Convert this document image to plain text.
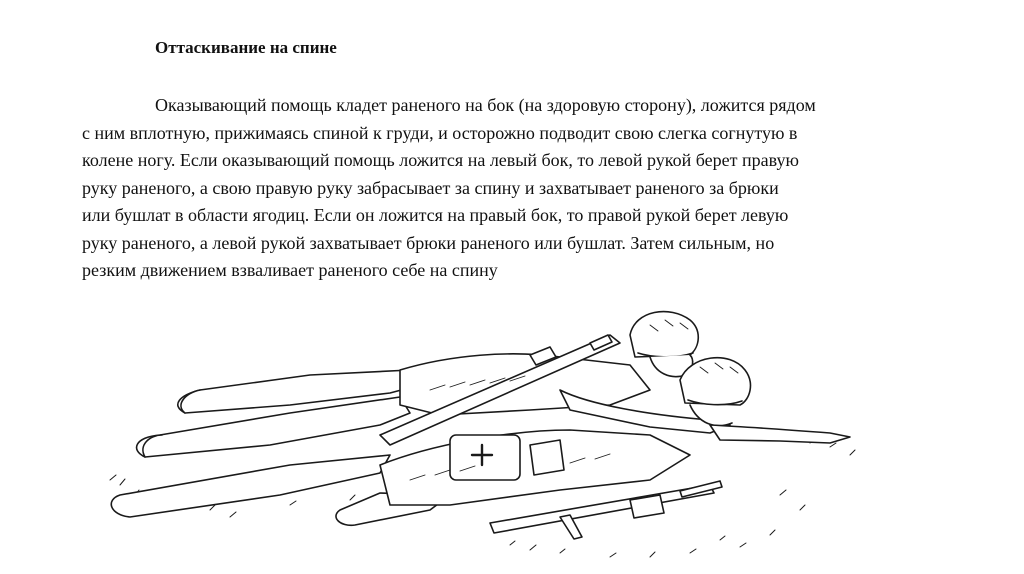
Оттаскивание на спине
Оказывающий помощь кладет раненого на бок (на здоровую сторону), ложится рядом
с ним вплотную, прижимаясь спиной к груди, и осторожно подводит свою слегка согнутую в
колене ногу. Если оказывающий помощь ложится на левый бок, то левой рукой берет правую
руку раненого, а свою правую руку забрасывает за спину и захватывает раненого за брюки
или бушлат в области ягодиц. Если он ложится на правый бок, то правой рукой берет левую
руку раненого, а левой рукой захватывает брюки раненого или бушлат. Затем сильным, но
резким движением взваливает раненого себе на спину
